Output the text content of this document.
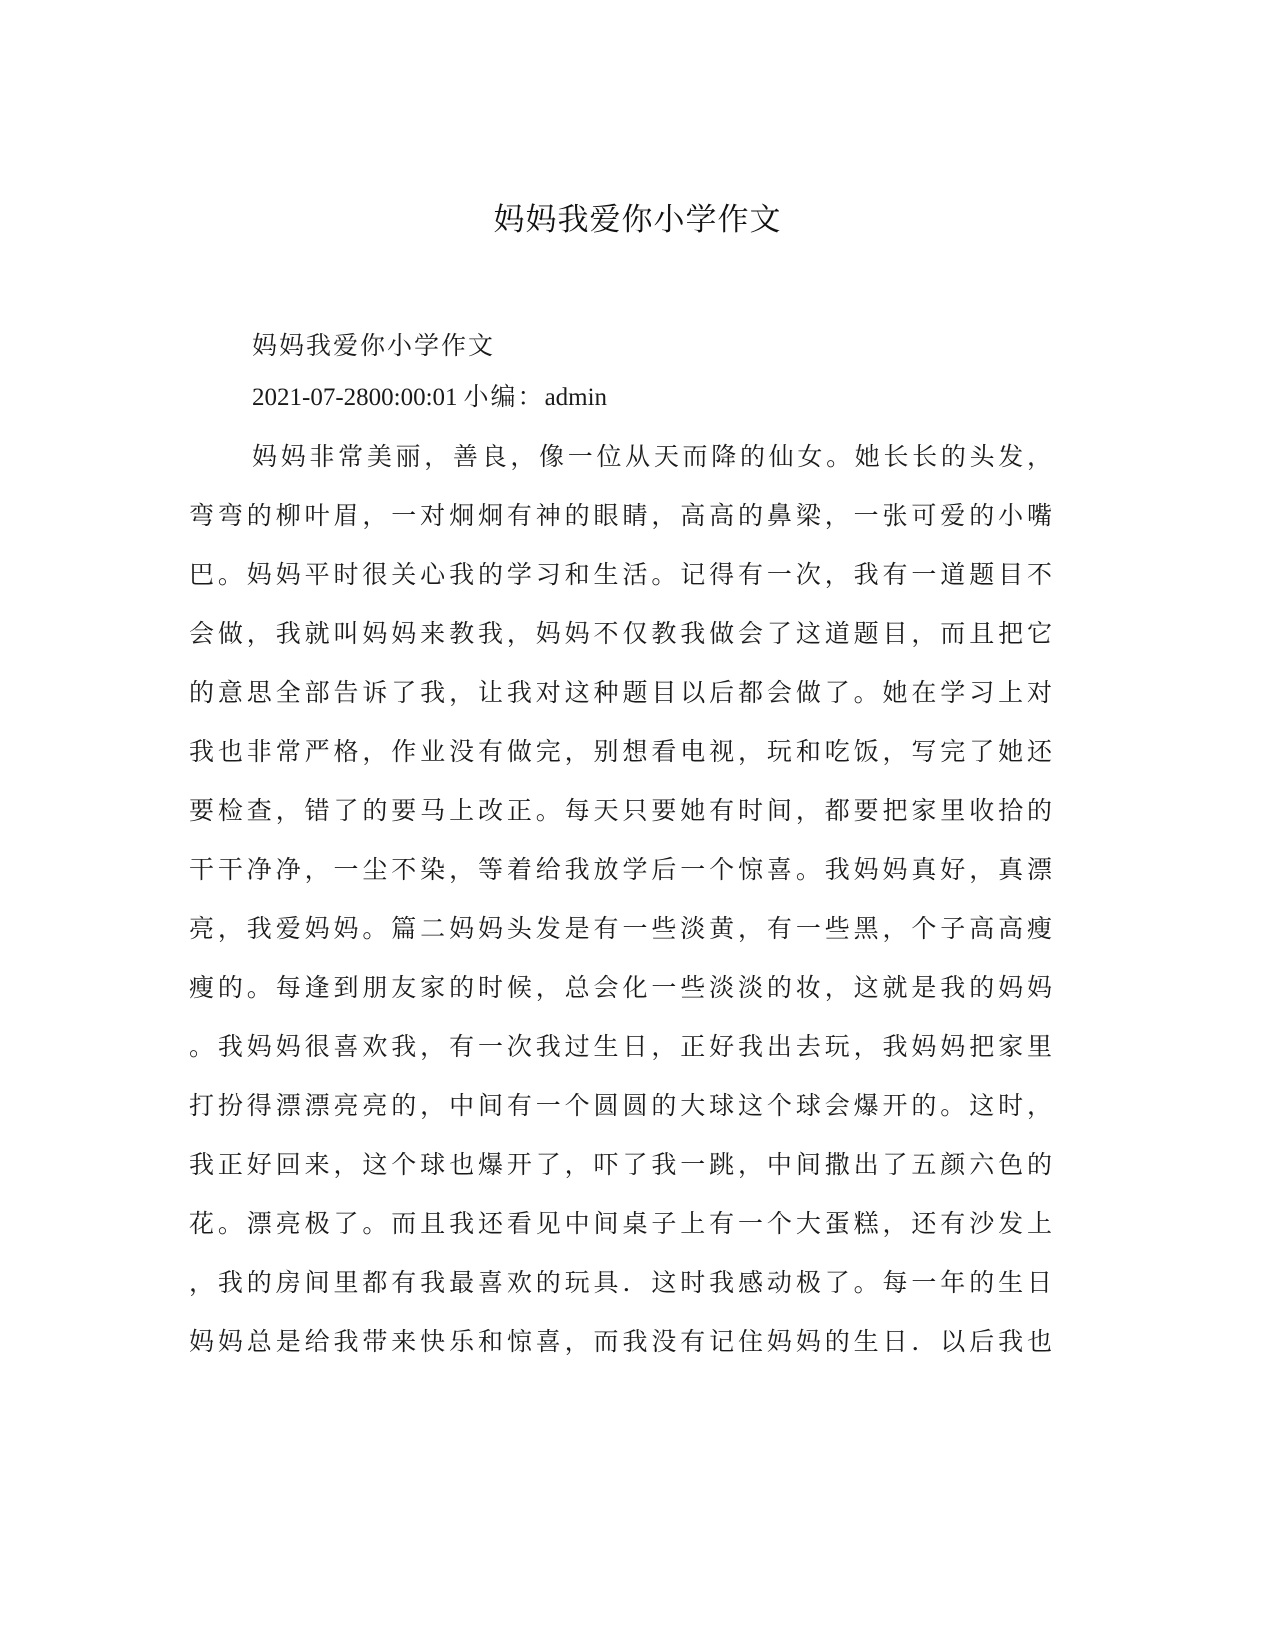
妈妈我爱你小学作文
妈妈我爱你小学作文
2021-07-2800:00:01 小编：admin
妈妈非常美丽，善良，像一位从天而降的仙女。她长长的头发，
弯弯的柳叶眉，一对炯炯有神的眼睛，高高的鼻梁，一张可爱的小嘴
巴。妈妈平时很关心我的学习和生活。记得有一次，我有一道题目不
会做，我就叫妈妈来教我，妈妈不仅教我做会了这道题目，而且把它
的意思全部告诉了我，让我对这种题目以后都会做了。她在学习上对
我也非常严格，作业没有做完，别想看电视，玩和吃饭，写完了她还
要检查，错了的要马上改正。每天只要她有时间，都要把家里收拾的
干干净净，一尘不染，等着给我放学后一个惊喜。我妈妈真好，真漂
亮，我爱妈妈。篇二妈妈头发是有一些淡黄，有一些黑，个子高高瘦
瘦的。每逢到朋友家的时候，总会化一些淡淡的妆，这就是我的妈妈
。我妈妈很喜欢我，有一次我过生日，正好我出去玩，我妈妈把家里
打扮得漂漂亮亮的，中间有一个圆圆的大球这个球会爆开的。这时，
我正好回来，这个球也爆开了，吓了我一跳，中间撒出了五颜六色的
花。漂亮极了。而且我还看见中间桌子上有一个大蛋糕，还有沙发上
，我的房间里都有我最喜欢的玩具．这时我感动极了。每一年的生日
妈妈总是给我带来快乐和惊喜，而我没有记住妈妈的生日．以后我也
